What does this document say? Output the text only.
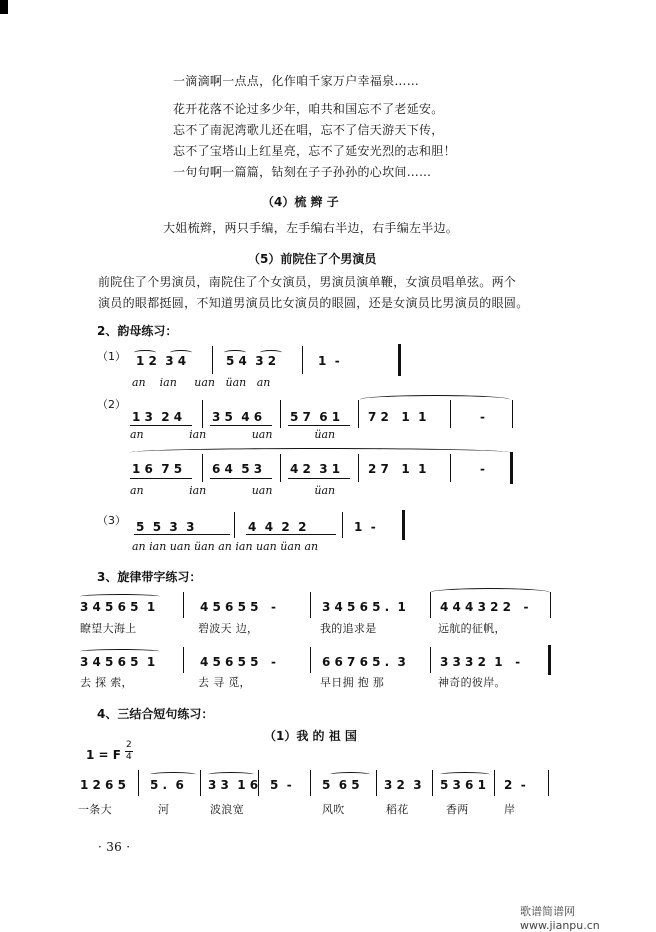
一滴滴啊一点点，化作咱千家万户幸福泉……
花开花落不论过多少年，咱共和国忘不了老延安。
忘不了南泥湾歌儿还在唱，忘不了信天游天下传，
忘不了宝塔山上红星亮，忘不了延安光烈的志和胆！
一句句啊一篇篇，钻刻在子子孙孙的心坎间……
（4）梳 辫 子
大姐梳辫，两只手编，左手编右半边，右手编左半边。
（5）前院住了个男演员
前院住了个男演员，南院住了个女演员，男演员演单鞭，女演员唱单弦。两个
演员的眼都挺圆，不知道男演员比女演员的眼圆，还是女演员比男演员的眼圆。
2、韵母练习：
（1） 1 2  3 4	5 4  3 2	1  -
an    ian     uan   üan   an
（2）
1 3  2 4 3 5  4 6 5 7  6 1 7 2   1  1	-
an             ian             uan            üan
1 6  7 5 6 4  5 3 4 2  3 1 2 7   1  1	-
an             ian             uan            üan
（3） 5  5  3  3	4  4  2  2	1  -
an ian uan üan an ian uan üan an
3、旋律带字练习：
3 4 5 6 5  1	4 5 6 5 5   -	3 4 5 6 5 .  1	4 4 4 3 2 2   -
瞭望大海上	碧波天 边，	我的追求是	远航的征帆，
3 4 5 6 5  1	4 5 6 5 5   -	6 6 7 6 5 .  3	3 3 3 2  1   -
去 探 索，	去 寻 觅，	早日拥 抱 那	神奇的彼岸。
4、三结合短句练习：
（1）我 的 祖 国
1 = F
2
4
1 2 6 5 5 .  6 3 3  1 6 5  -	5  6 5 3 2  3 5 3 6 1 2  -
一条大	河	波浪宽	风吹	稻花	香两	岸
· 36 ·
歌谱简谱网 www.jianpu.cn
